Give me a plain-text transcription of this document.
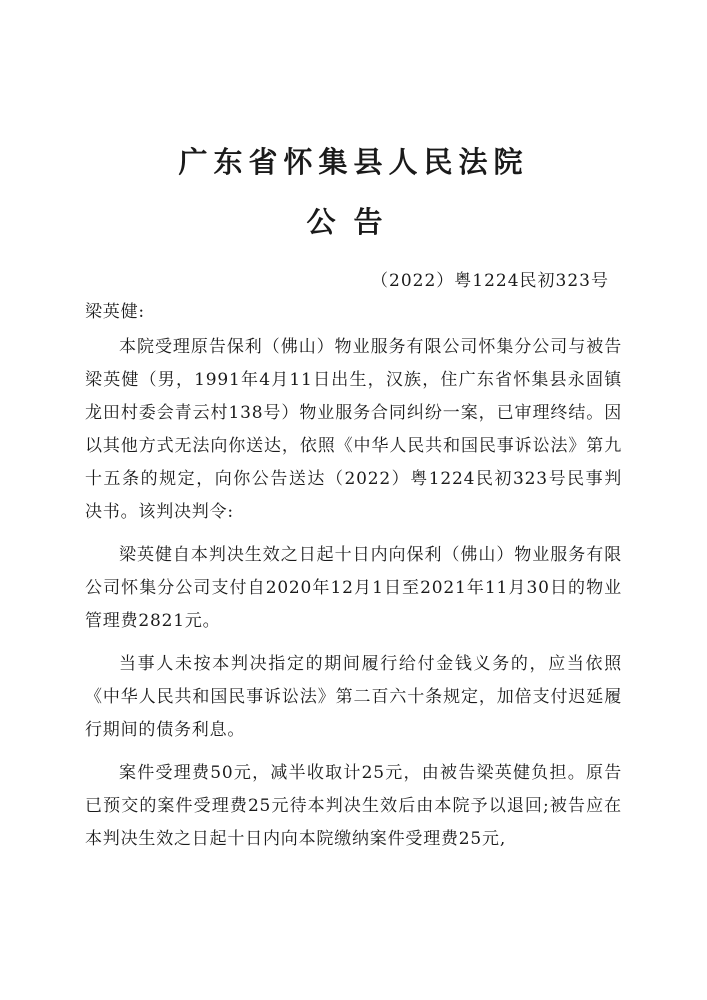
广东省怀集县人民法院
公告
（2022）粤1224民初323号

梁英健:

本院受理原告保利（佛山）物业服务有限公司怀集分公司与被告梁英健（男，1991年4月11日出生，汉族，住广东省怀集县永固镇龙田村委会青云村138号）物业服务合同纠纷一案，已审理终结。因以其他方式无法向你送达，依照《中华人民共和国民事诉讼法》第九十五条的规定，向你公告送达（2022）粤1224民初323号民事判决书。该判决判令:

梁英健自本判决生效之日起十日内向保利（佛山）物业服务有限公司怀集分公司支付自2020年12月1日至2021年11月30日的物业管理费2821元。

当事人未按本判决指定的期间履行给付金钱义务的，应当依照《中华人民共和国民事诉讼法》第二百六十条规定，加倍支付迟延履行期间的债务利息。

案件受理费50元，减半收取计25元，由被告梁英健负担。原告已预交的案件受理费25元待本判决生效后由本院予以退回;被告应在本判决生效之日起十日内向本院缴纳案件受理费25元,
